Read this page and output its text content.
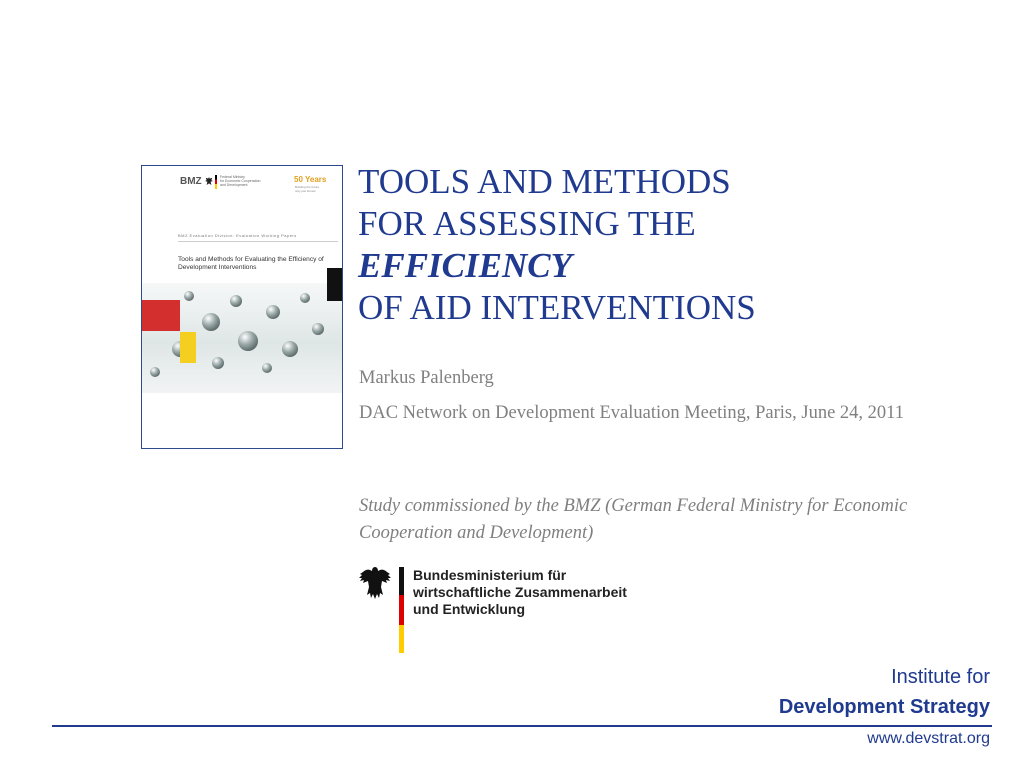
BMZ	Federal Ministry
for Economic Cooperation
and Development
50 Years
Building the future
only just throws
BMZ Evaluation Division: Evaluation Working Papers
Tools and Methods for Evaluating the Efficiency of Development Interventions
TOOLS AND METHODS
FOR ASSESSING THE
EFFICIENCY
OF AID INTERVENTIONS
Markus Palenberg
DAC Network on Development Evaluation Meeting, Paris, June 24, 2011
Study commissioned by the BMZ (German Federal Ministry for Economic Cooperation and Development)
Bundesministerium für
wirtschaftliche Zusammenarbeit
und Entwicklung
Institute for
Development Strategy
www.devstrat.org
